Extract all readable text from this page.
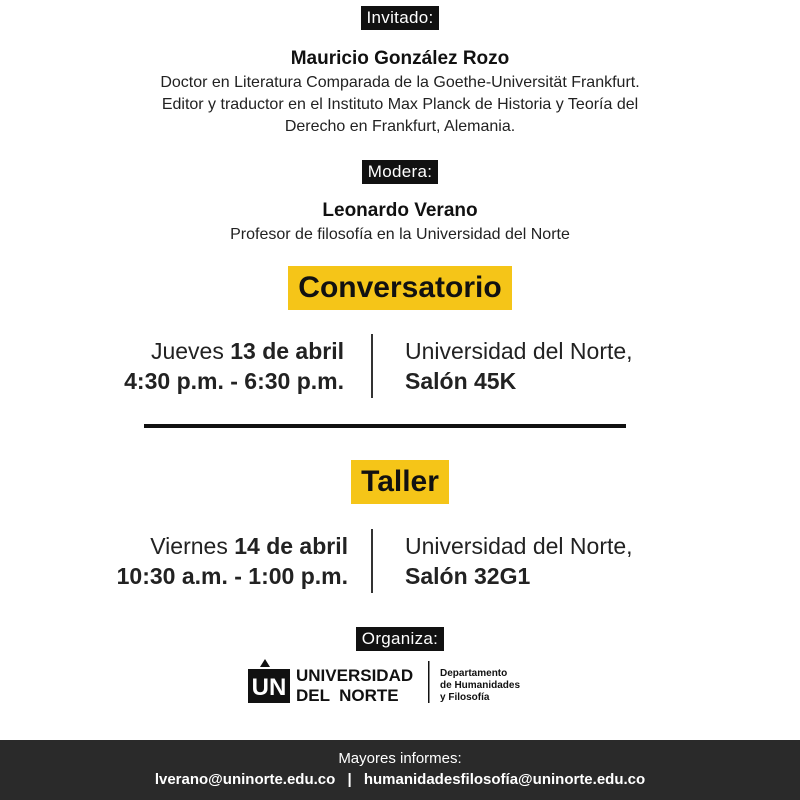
Invitado:
Mauricio González Rozo
Doctor en Literatura Comparada de la Goethe-Universität Frankfurt.
Editor y traductor en el Instituto Max Planck de Historia y Teoría del
Derecho en Frankfurt, Alemania.
Modera:
Leonardo Verano
Profesor de filosofía en la Universidad del Norte
Conversatorio
Jueves 13 de abril
4:30 p.m. - 6:30 p.m.
Universidad del Norte,
Salón 45K
Taller
Viernes 14 de abril
10:30 a.m. - 1:00 p.m.
Universidad del Norte,
Salón 32G1
Organiza:
UN UNIVERSIDAD
DEL  NORTE
Departamento
de Humanidades
y Filosofía
Mayores informes:
lverano@uninorte.edu.co | humanidadesfilosofía@uninorte.edu.co
